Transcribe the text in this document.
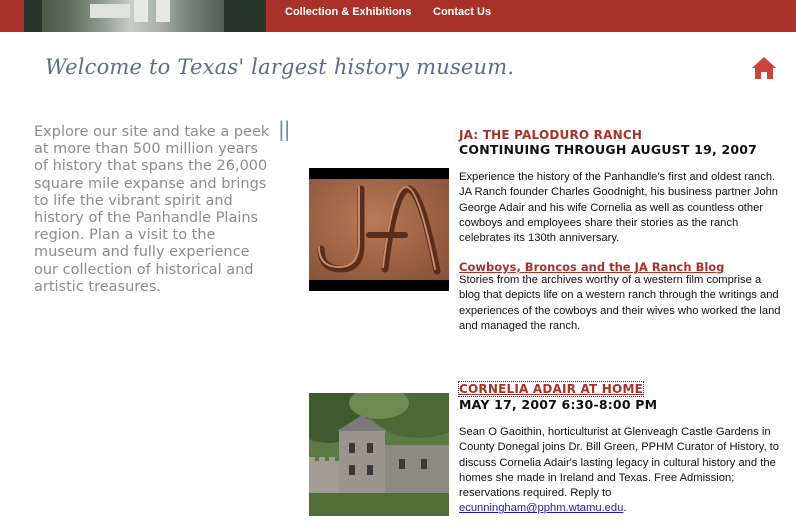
Collection & Exhibitions Contact Us
Welcome to Texas' largest history museum.

Explore our site and take a peek at more than 500 million years of history that spans the 26,000 square mile expanse and brings to life the vibrant spirit and history of the Panhandle Plains region. Plan a visit to the museum and fully experience our collection of historical and artistic treasures.

||	JA: THE PALODURO RANCH

CONTINUING THROUGH AUGUST 19, 2007

Experience the history of the Panhandle's first and oldest ranch. JA Ranch founder Charles Goodnight, his business partner John George Adair and his wife Cornelia as well as countless other cowboys and employees share their stories as the ranch celebrates its 130th anniversary.

Cowboys, Broncos and the JA Ranch Blog

Stories from the archives worthy of a western film comprise a blog that depicts life on a western ranch through the writings and experiences of the cowboys and their wives who worked the land and managed the ranch.

CORNELIA ADAIR AT HOME

MAY 17, 2007 6:30-8:00 PM

Sean O Gaoithin, horticulturist at Glenveagh Castle Gardens in County Donegal joins Dr. Bill Green, PPHM Curator of History, to discuss Cornelia Adair's lasting legacy in cultural history and the homes she made in Ireland and Texas. Free Admission; reservations required. Reply to ecunningham@pphm.wtamu.edu.
